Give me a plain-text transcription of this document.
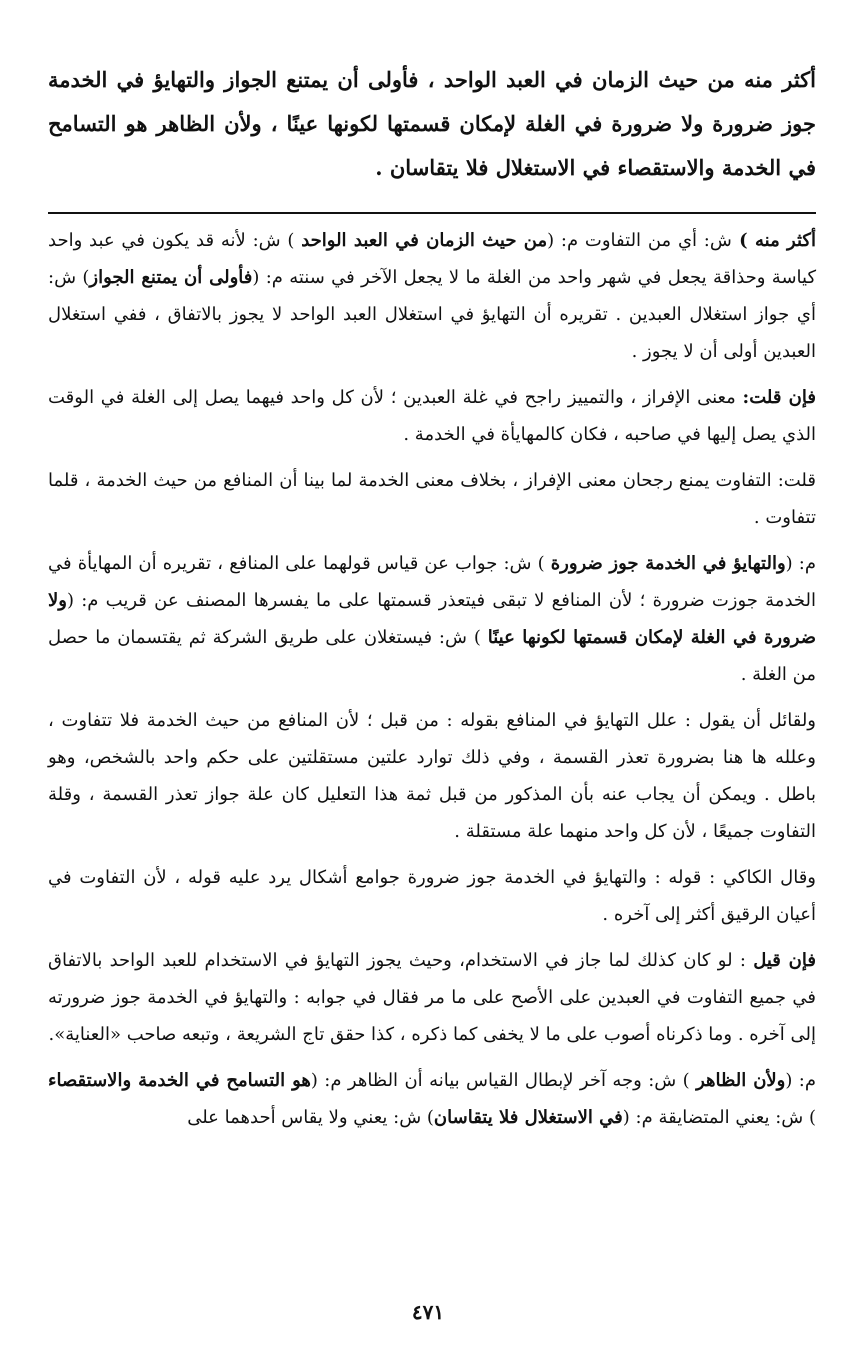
أكثر منه من حيث الزمان في العبد الواحد ، فأولى أن يمتنع الجواز والتهايؤ في الخدمة جوز ضرورة ولا ضرورة في الغلة لإمكان قسمتها لكونها عينًا ، ولأن الظاهر هو التسامح في الخدمة والاستقصاء في الاستغلال فلا يتقاسان .

أكثر منه ) ش: أي من التفاوت م: (من حيث الزمان في العبد الواحد ) ش: لأنه قد يكون في عبد واحد كياسة وحذاقة يجعل في شهر واحد من الغلة ما لا يجعل الآخر في سنته م: (فأولى أن يمتنع الجواز) ش: أي جواز استغلال العبدين . تقريره أن التهايؤ في استغلال العبد الواحد لا يجوز بالاتفاق ، ففي استغلال العبدين أولى أن لا يجوز .

فإن قلت: معنى الإفراز ، والتمييز راجح في غلة العبدين ؛ لأن كل واحد فيهما يصل إلى الغلة في الوقت الذي يصل إليها في صاحبه ، فكان كالمهايأة في الخدمة .

قلت: التفاوت يمنع رجحان معنى الإفراز ، بخلاف معنى الخدمة لما بينا أن المنافع من حيث الخدمة ، قلما تتفاوت .

م: (والتهايؤ في الخدمة جوز ضرورة ) ش: جواب عن قياس قولهما على المنافع ، تقريره أن المهايأة في الخدمة جوزت ضرورة ؛ لأن المنافع لا تبقى فيتعذر قسمتها على ما يفسرها المصنف عن قريب م: (ولا ضرورة في الغلة لإمكان قسمتها لكونها عينًا ) ش: فيستغلان على طريق الشركة ثم يقتسمان ما حصل من الغلة .

ولقائل أن يقول : علل التهايؤ في المنافع بقوله : من قبل ؛ لأن المنافع من حيث الخدمة فلا تتفاوت ، وعلله ها هنا بضرورة تعذر القسمة ، وفي ذلك توارد علتين مستقلتين على حكم واحد بالشخص، وهو باطل . ويمكن أن يجاب عنه بأن المذكور من قبل ثمة هذا التعليل كان علة جواز تعذر القسمة ، وقلة التفاوت جميعًا ، لأن كل واحد منهما علة مستقلة .

وقال الكاكي : قوله : والتهايؤ في الخدمة جوز ضرورة جوامع أشكال يرد عليه قوله ، لأن التفاوت في أعيان الرقيق أكثر إلى آخره .

فإن قيل : لو كان كذلك لما جاز في الاستخدام، وحيث يجوز التهايؤ في الاستخدام للعبد الواحد بالاتفاق في جميع التفاوت في العبدين على الأصح على ما مر فقال في جوابه : والتهايؤ في الخدمة جوز ضرورته إلى آخره . وما ذكرناه أصوب على ما لا يخفى كما ذكره ، كذا حقق تاج الشريعة ، وتبعه صاحب «العناية».

م: (ولأن الظاهر ) ش: وجه آخر لإبطال القياس بيانه أن الظاهر م: (هو التسامح في الخدمة والاستقصاء ) ش: يعني المتضايقة م: (في الاستغلال فلا يتقاسان) ش: يعني ولا يقاس أحدهما على

٤٧١
